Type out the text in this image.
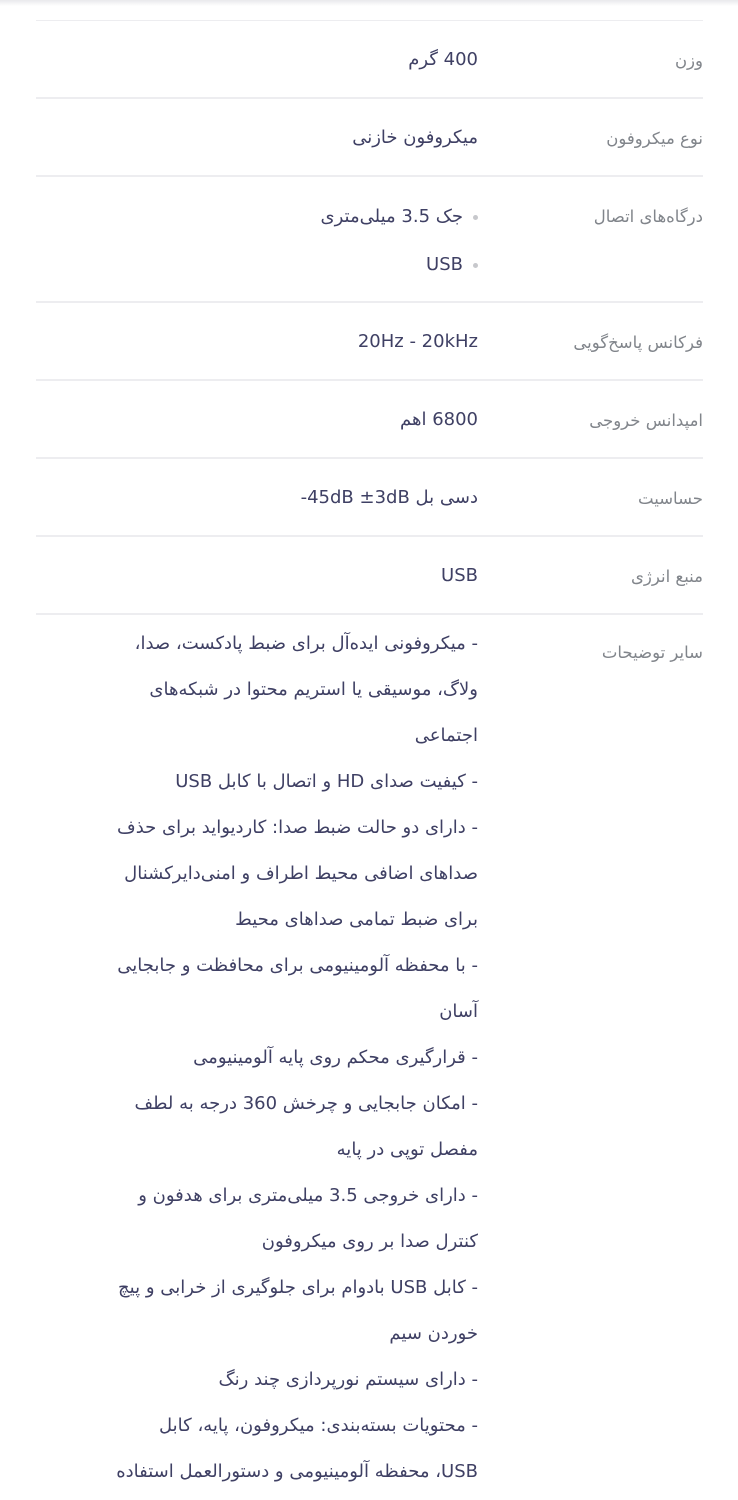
وزن
400 گرم
نوع میکروفون
میکروفون خازنی
درگاه‌های اتصال
جک 3.5 میلی‌متری
USB
فرکانس پاسخ‌گویی
20Hz - 20kHz
امپدانس خروجی
6800 اهم
حساسیت
دسی بل 45dB ±3dB-
منبع انرژی
USB
سایر توضیحات
- میکروفونی ایده‌آل برای ضبط پادکست، صدا،
ولاگ، موسیقی یا استریم محتوا در شبکه‌های
اجتماعی
- کیفیت صدای HD و اتصال با کابل USB
- دارای دو حالت ضبط صدا: کاردیواید برای حذف
صداهای اضافی محیط اطراف و امنی‌دایرکشنال
برای ضبط تمامی صداهای محیط
- با محفظه آلومینیومی برای محافظت و جابجایی
آسان
- قرارگیری محکم روی پایه آلومینیومی
- امکان جابجایی و چرخش 360 درجه به لطف
مفصل توپی در پایه
- دارای خروجی 3.5 میلی‌متری برای هدفون و
کنترل صدا بر روی میکروفون
- کابل USB بادوام برای جلوگیری از خرابی و پیچ
خوردن سیم
- دارای سیستم نورپردازی چند رنگ
- محتویات بسته‌بندی: میکروفون، پایه، کابل
USB، محفظه آلومینیومی و دستورالعمل استفاده
